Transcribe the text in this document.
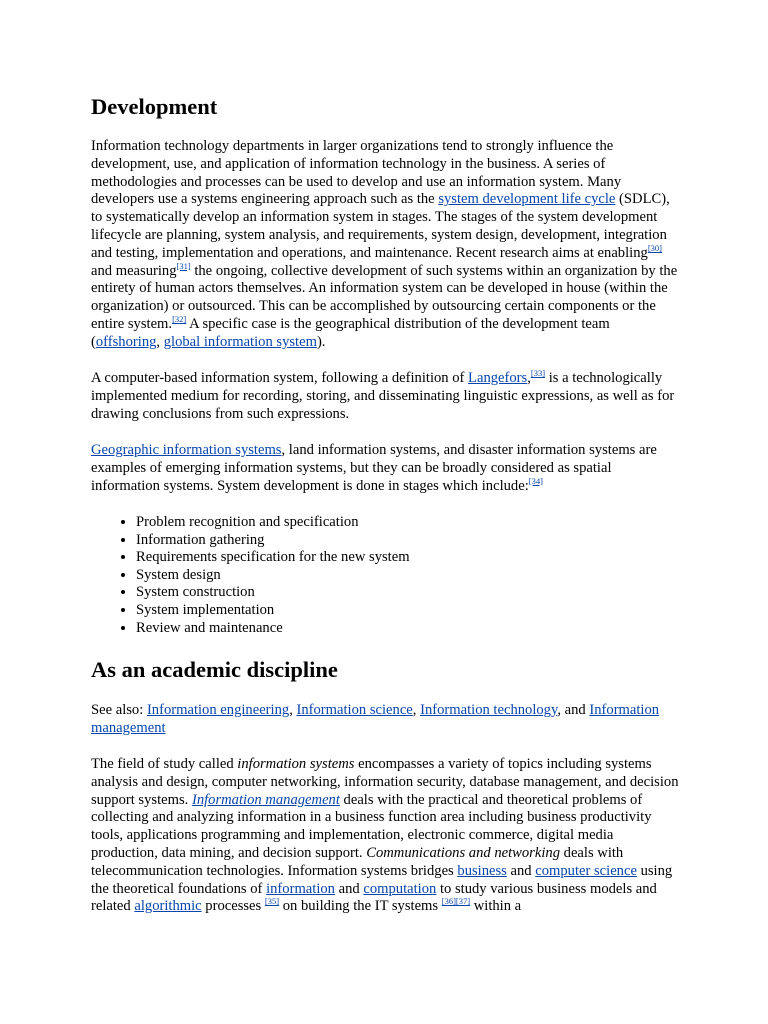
Development

Information technology departments in larger organizations tend to strongly influence the development, use, and application of information technology in the business. A series of methodologies and processes can be used to develop and use an information system. Many developers use a systems engineering approach such as the system development life cycle (SDLC), to systematically develop an information system in stages. The stages of the system development lifecycle are planning, system analysis, and requirements, system design, development, integration and testing, implementation and operations, and maintenance. Recent research aims at enabling[30] and measuring[31] the ongoing, collective development of such systems within an organization by the entirety of human actors themselves. An information system can be developed in house (within the organization) or outsourced. This can be accomplished by outsourcing certain components or the entire system.[32] A specific case is the geographical distribution of the development team (offshoring, global information system).

A computer-based information system, following a definition of Langefors,[33] is a technologically implemented medium for recording, storing, and disseminating linguistic expressions, as well as for drawing conclusions from such expressions.

Geographic information systems, land information systems, and disaster information systems are examples of emerging information systems, but they can be broadly considered as spatial information systems. System development is done in stages which include:[34]

• Problem recognition and specification
• Information gathering
• Requirements specification for the new system
• System design
• System construction
• System implementation
• Review and maintenance
As an academic discipline

See also: Information engineering, Information science, Information technology, and Information management

The field of study called information systems encompasses a variety of topics including systems analysis and design, computer networking, information security, database management, and decision support systems. Information management deals with the practical and theoretical problems of collecting and analyzing information in a business function area including business productivity tools, applications programming and implementation, electronic commerce, digital media production, data mining, and decision support. Communications and networking deals with telecommunication technologies. Information systems bridges business and computer science using the theoretical foundations of information and computation to study various business models and related algorithmic processes [35] on building the IT systems [36][37] within a
